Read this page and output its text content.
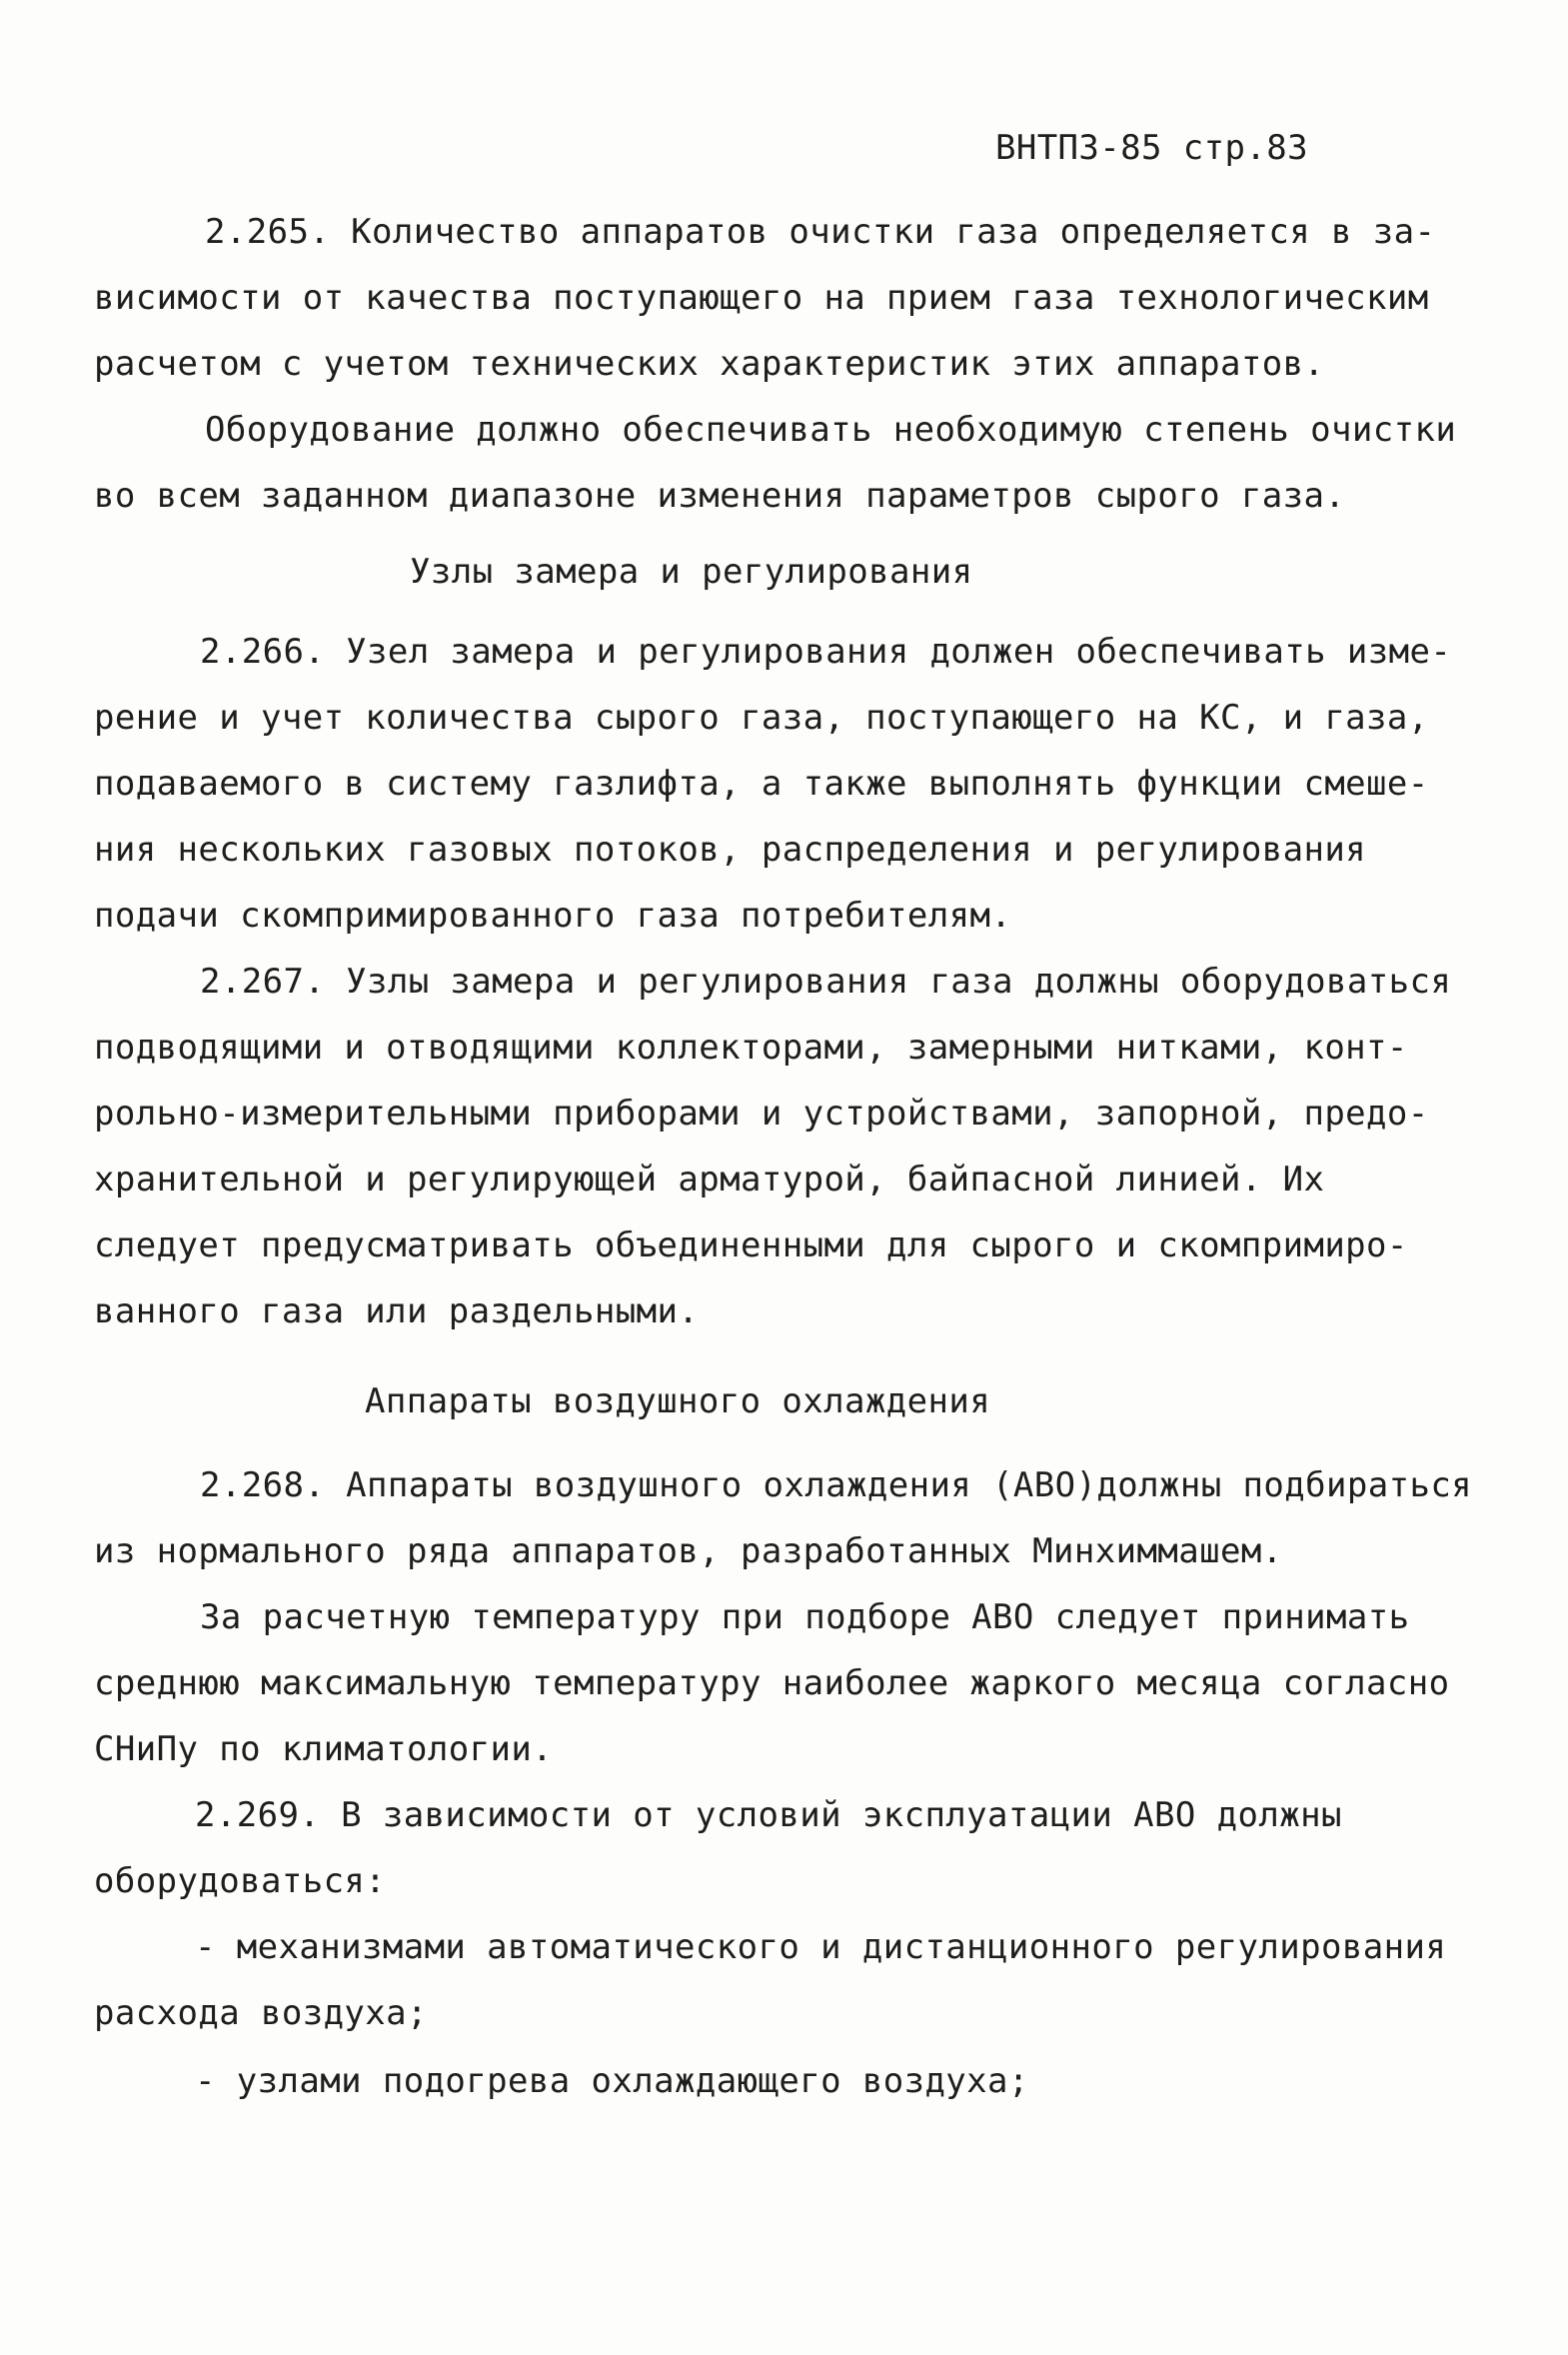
ВНТП3-85 стр.83
2.265. Количество аппаратов очистки газа определяется в за-
висимости от качества поступающего на прием газа технологическим
расчетом с учетом технических характеристик этих аппаратов.
Оборудование должно обеспечивать необходимую степень очистки
во всем заданном диапазоне изменения параметров сырого газа.
Узлы замера и регулирования
2.266. Узел замера и регулирования должен обеспечивать изме-
рение и учет количества сырого газа, поступающего на КС, и газа,
подаваемого в систему газлифта, а также выполнять функции смеше-
ния нескольких газовых потоков, распределения и регулирования
подачи скомпримированного газа потребителям.
2.267. Узлы замера и регулирования газа должны оборудоваться
подводящими и отводящими коллекторами, замерными нитками, конт-
рольно-измерительными приборами и устройствами, запорной, предо-
хранительной и регулирующей арматурой, байпасной линией. Их
следует предусматривать объединенными для сырого и скомпримиро-
ванного газа или раздельными.
Аппараты воздушного охлаждения
2.268. Аппараты воздушного охлаждения (АВО)должны подбираться
из нормального ряда аппаратов, разработанных Минхиммашем.
За расчетную температуру при подборе АВО следует принимать
среднюю максимальную температуру наиболее жаркого месяца согласно
СНиПу по климатологии.
2.269. В зависимости от условий эксплуатации АВО должны
оборудоваться:
- механизмами автоматического и дистанционного регулирования
расхода воздуха;
- узлами подогрева охлаждающего воздуха;
